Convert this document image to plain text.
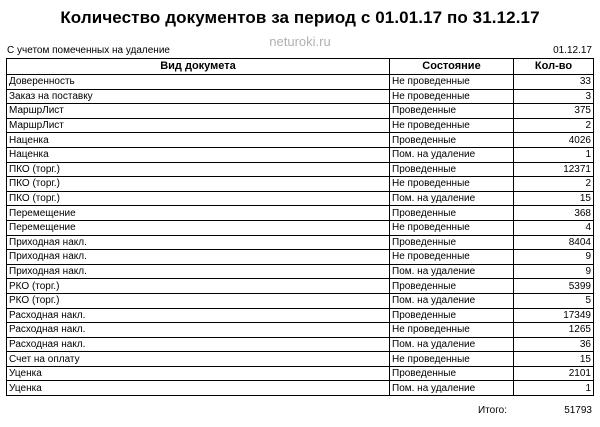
Количество документов за период с 01.01.17 по 31.12.17
neturoki.ru
С учетом помеченных на удаление	01.12.17
Вид докумета	Состояние	Кол-во
Доверенность	Не проведенные	33
Заказ на поставку	Не проведенные	3
МаршрЛист	Проведенные	375
МаршрЛист	Не проведенные	2
Наценка	Проведенные	4026
Наценка	Пом. на удаление	1
ПКО (торг.)	Проведенные	12371
ПКО (торг.)	Не проведенные	2
ПКО (торг.)	Пом. на удаление	15
Перемещение	Проведенные	368
Перемещение	Не проведенные	4
Приходная накл.	Проведенные	8404
Приходная накл.	Не проведенные	9
Приходная накл.	Пом. на удаление	9
РКО (торг.)	Проведенные	5399
РКО (торг.)	Пом. на удаление	5
Расходная накл.	Проведенные	17349
Расходная накл.	Не проведенные	1265
Расходная накл.	Пом. на удаление	36
Счет на оплату	Не проведенные	15
Уценка	Проведенные	2101
Уценка	Пом. на удаление	1
Итого:	51793
